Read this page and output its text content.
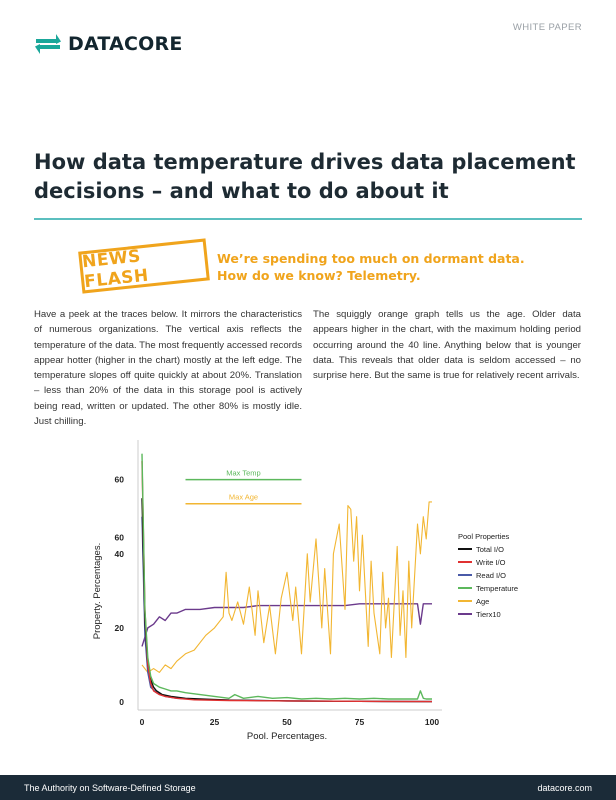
DATACORE
WHITE PAPER
How data temperature drives data placement decisions – and what to do about it
NEWS FLASH
We’re spending too much on dormant data.
How do we know? Telemetry.

Have a peek at the traces below. It mirrors the characteristics of numerous organizations. The vertical axis reflects the temperature of the data. The most frequently accessed records appear hotter (higher in the chart) mostly at the left edge. The temperature slopes off quite quickly at about 20%. Translation – less than 20% of the data in this storage pool is actively being read, written or updated. The other 80% is mostly idle. Just chilling.

The squiggly orange graph tells us the age. Older data appears higher in the chart, with the maximum holding period occurring around the 40 line. Anything below that is younger data. This reveals that older data is seldom accessed – no surprise here. But the same is true for relatively recent arrivals.

0
20
40
60
60
0	25	50	75	100
Pool. Percentages.
Property. Percentages.
Max Temp
Max Age
Pool Properties
Total I/O
Write I/O
Read I/O
Temperature
Age
Tierx10
The Authority on Software-Defined Storage	datacore.com
